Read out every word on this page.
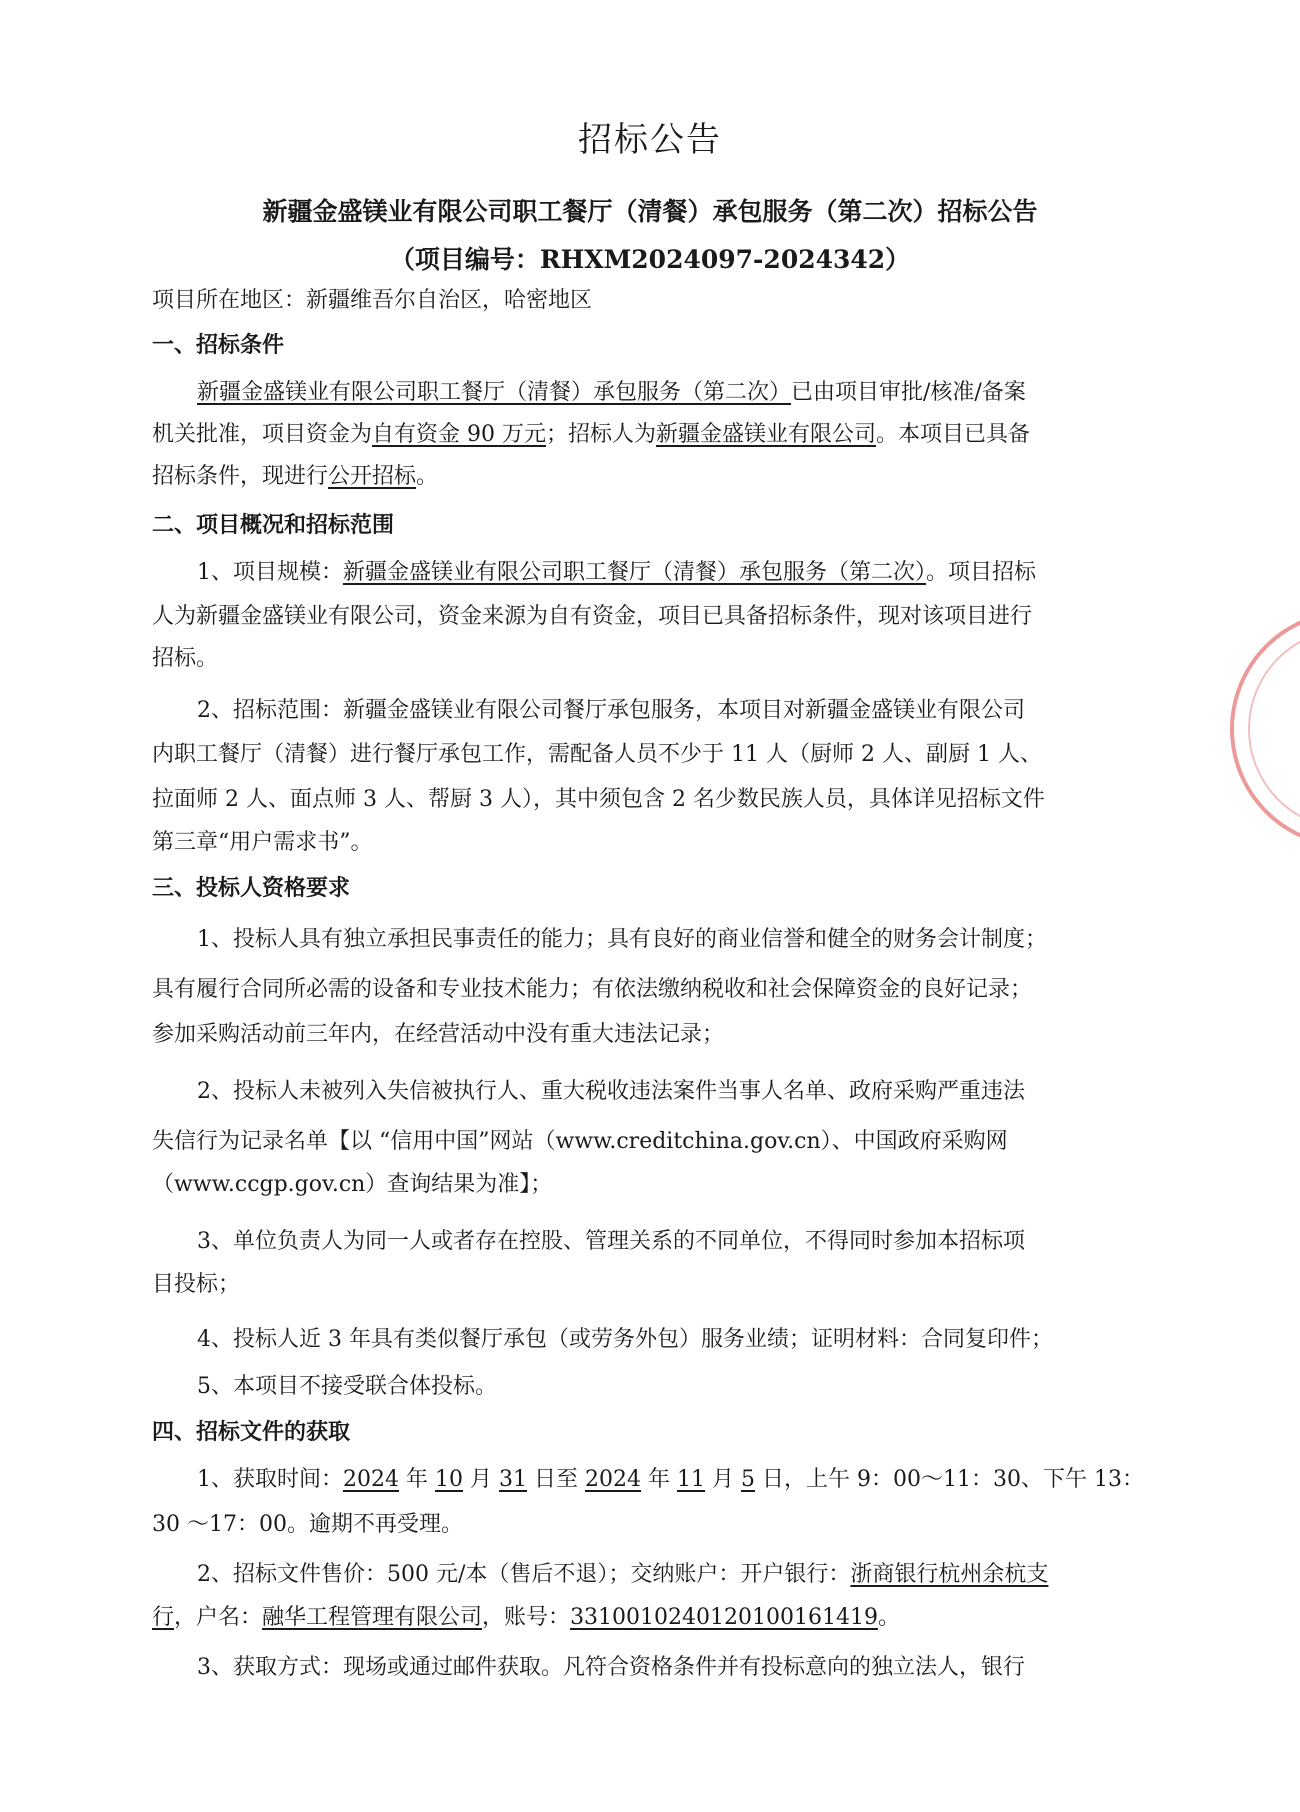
招标公告
新疆金盛镁业有限公司职工餐厅（清餐）承包服务（第二次）招标公告
（项目编号：RHXM2024097-2024342）
项目所在地区：新疆维吾尔自治区，哈密地区
一、招标条件
新疆金盛镁业有限公司职工餐厅（清餐）承包服务（第二次）已由项目审批/核准/备案
机关批准，项目资金为自有资金 90 万元；招标人为新疆金盛镁业有限公司。本项目已具备
招标条件，现进行公开招标。
二、项目概况和招标范围
1、项目规模：新疆金盛镁业有限公司职工餐厅（清餐）承包服务（第二次）。项目招标
人为新疆金盛镁业有限公司，资金来源为自有资金，项目已具备招标条件，现对该项目进行
招标。
2、招标范围：新疆金盛镁业有限公司餐厅承包服务，本项目对新疆金盛镁业有限公司
内职工餐厅（清餐）进行餐厅承包工作，需配备人员不少于 11 人（厨师 2 人、副厨 1 人、
拉面师 2 人、面点师 3 人、帮厨 3 人），其中须包含 2 名少数民族人员，具体详见招标文件
第三章“用户需求书”。
三、投标人资格要求
1、投标人具有独立承担民事责任的能力；具有良好的商业信誉和健全的财务会计制度；
具有履行合同所必需的设备和专业技术能力；有依法缴纳税收和社会保障资金的良好记录；
参加采购活动前三年内，在经营活动中没有重大违法记录；
2、投标人未被列入失信被执行人、重大税收违法案件当事人名单、政府采购严重违法
失信行为记录名单【以 “信用中国”网站（www.creditchina.gov.cn）、中国政府采购网
（www.ccgp.gov.cn）查询结果为准】；
3、单位负责人为同一人或者存在控股、管理关系的不同单位，不得同时参加本招标项
目投标；
4、投标人近 3 年具有类似餐厅承包（或劳务外包）服务业绩；证明材料：合同复印件；
5、本项目不接受联合体投标。
四、招标文件的获取
1、获取时间：2024 年 10 月 31 日至 2024 年 11 月 5 日，上午 9：00～11：30、下午 13：
30 ～17：00。逾期不再受理。
2、招标文件售价：500 元/本（售后不退）；交纳账户：开户银行：浙商银行杭州余杭支
行，户名：融华工程管理有限公司，账号：3310010240120100161419。
3、获取方式：现场或通过邮件获取。凡符合资格条件并有投标意向的独立法人，银行
